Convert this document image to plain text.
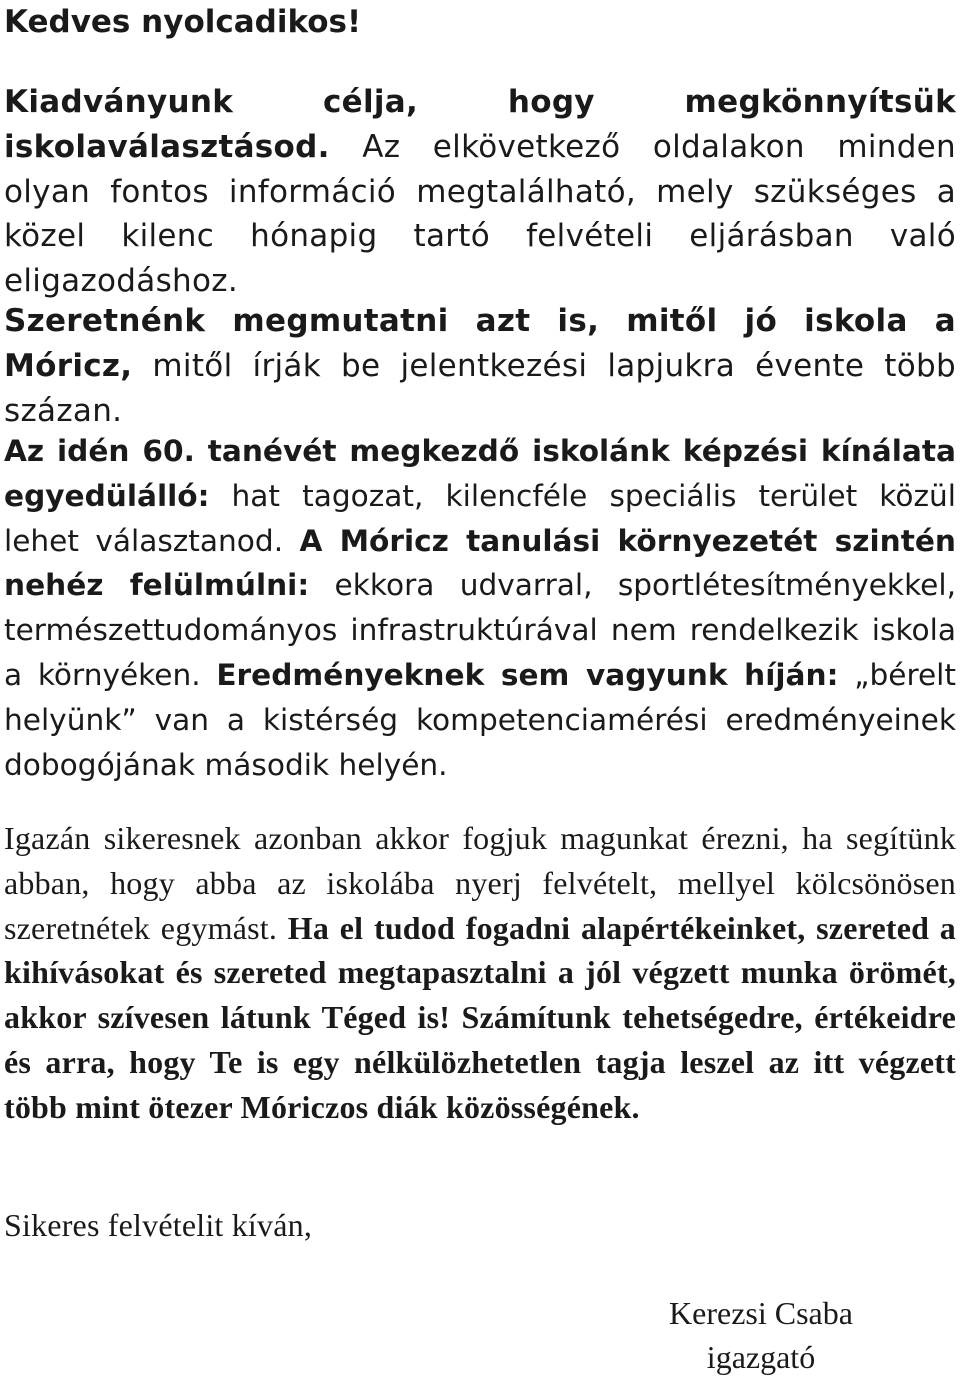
Kedves nyolcadikos!

Kiadványunk célja, hogy megkönnyítsük iskolaválasztásod. Az elkövetkező oldalakon minden olyan fontos információ megtalálható, mely szükséges a közel kilenc hónapig tartó felvételi eljárásban való eligazodáshoz.

Szeretnénk megmutatni azt is, mitől jó iskola a Móricz, mitől írják be jelentkezési lapjukra évente több százan.

Az idén 60. tanévét megkezdő iskolánk képzési kínálata egyedülálló: hat tagozat, kilencféle speciális terület közül lehet választanod. A Móricz tanulási környezetét szintén nehéz felülmúlni: ekkora udvarral, sportlétesítményekkel, természettudományos infrastruktúrával nem rendelkezik iskola a környéken. Eredményeknek sem vagyunk híján: „bérelt helyünk” van a kistérség kompetenciamérési eredményeinek dobogójának második helyén.

Igazán sikeresnek azonban akkor fogjuk magunkat érezni, ha segítünk abban, hogy abba az iskolába nyerj felvételt, mellyel kölcsönösen szeretnétek egymást. Ha el tudod fogadni alapértékeinket, szereted a kihívásokat és szereted megtapasztalni a jól végzett munka örömét, akkor szívesen látunk Téged is! Számítunk tehetségedre, értékeidre és arra, hogy Te is egy nélkülözhetetlen tagja leszel az itt végzett több mint ötezer Móriczos diák közösségének.

Sikeres felvételit kíván,

Kerezsi Csaba
igazgató
